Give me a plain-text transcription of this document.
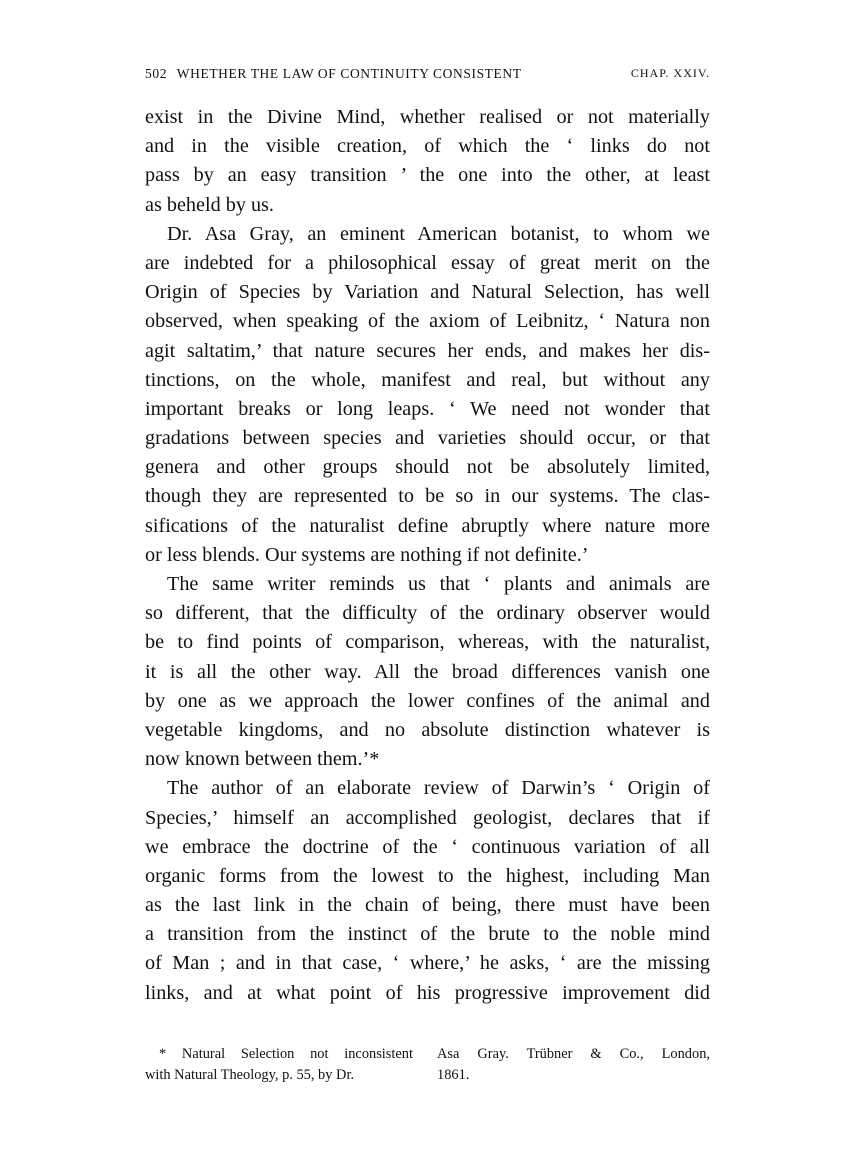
502 WHETHER THE LAW OF CONTINUITY CONSISTENT	CHAP. XXIV.
exist in the Divine Mind, whether realised or not materially
and in the visible creation, of which the ‘ links do not
pass by an easy transition ’ the one into the other, at least
as beheld by us.
Dr. Asa Gray, an eminent American botanist, to whom we
are indebted for a philosophical essay of great merit on the
Origin of Species by Variation and Natural Selection, has well
observed, when speaking of the axiom of Leibnitz, ‘ Natura non
agit saltatim,’ that nature secures her ends, and makes her dis-
tinctions, on the whole, manifest and real, but without any
important breaks or long leaps. ‘ We need not wonder that
gradations between species and varieties should occur, or that
genera and other groups should not be absolutely limited,
though they are represented to be so in our systems. The clas-
sifications of the naturalist define abruptly where nature more
or less blends. Our systems are nothing if not definite.’
The same writer reminds us that ‘ plants and animals are
so different, that the difficulty of the ordinary observer would
be to find points of comparison, whereas, with the naturalist,
it is all the other way. All the broad differences vanish one
by one as we approach the lower confines of the animal and
vegetable kingdoms, and no absolute distinction whatever is
now known between them.’*
The author of an elaborate review of Darwin’s ‘ Origin of
Species,’ himself an accomplished geologist, declares that if
we embrace the doctrine of the ‘ continuous variation of all
organic forms from the lowest to the highest, including Man
as the last link in the chain of being, there must have been
a transition from the instinct of the brute to the noble mind
of Man ; and in that case, ‘ where,’ he asks, ‘ are the missing
links, and at what point of his progressive improvement did
* Natural Selection not inconsistent
with Natural Theology, p. 55, by Dr.
Asa Gray. Trübner & Co., London,
1861.
